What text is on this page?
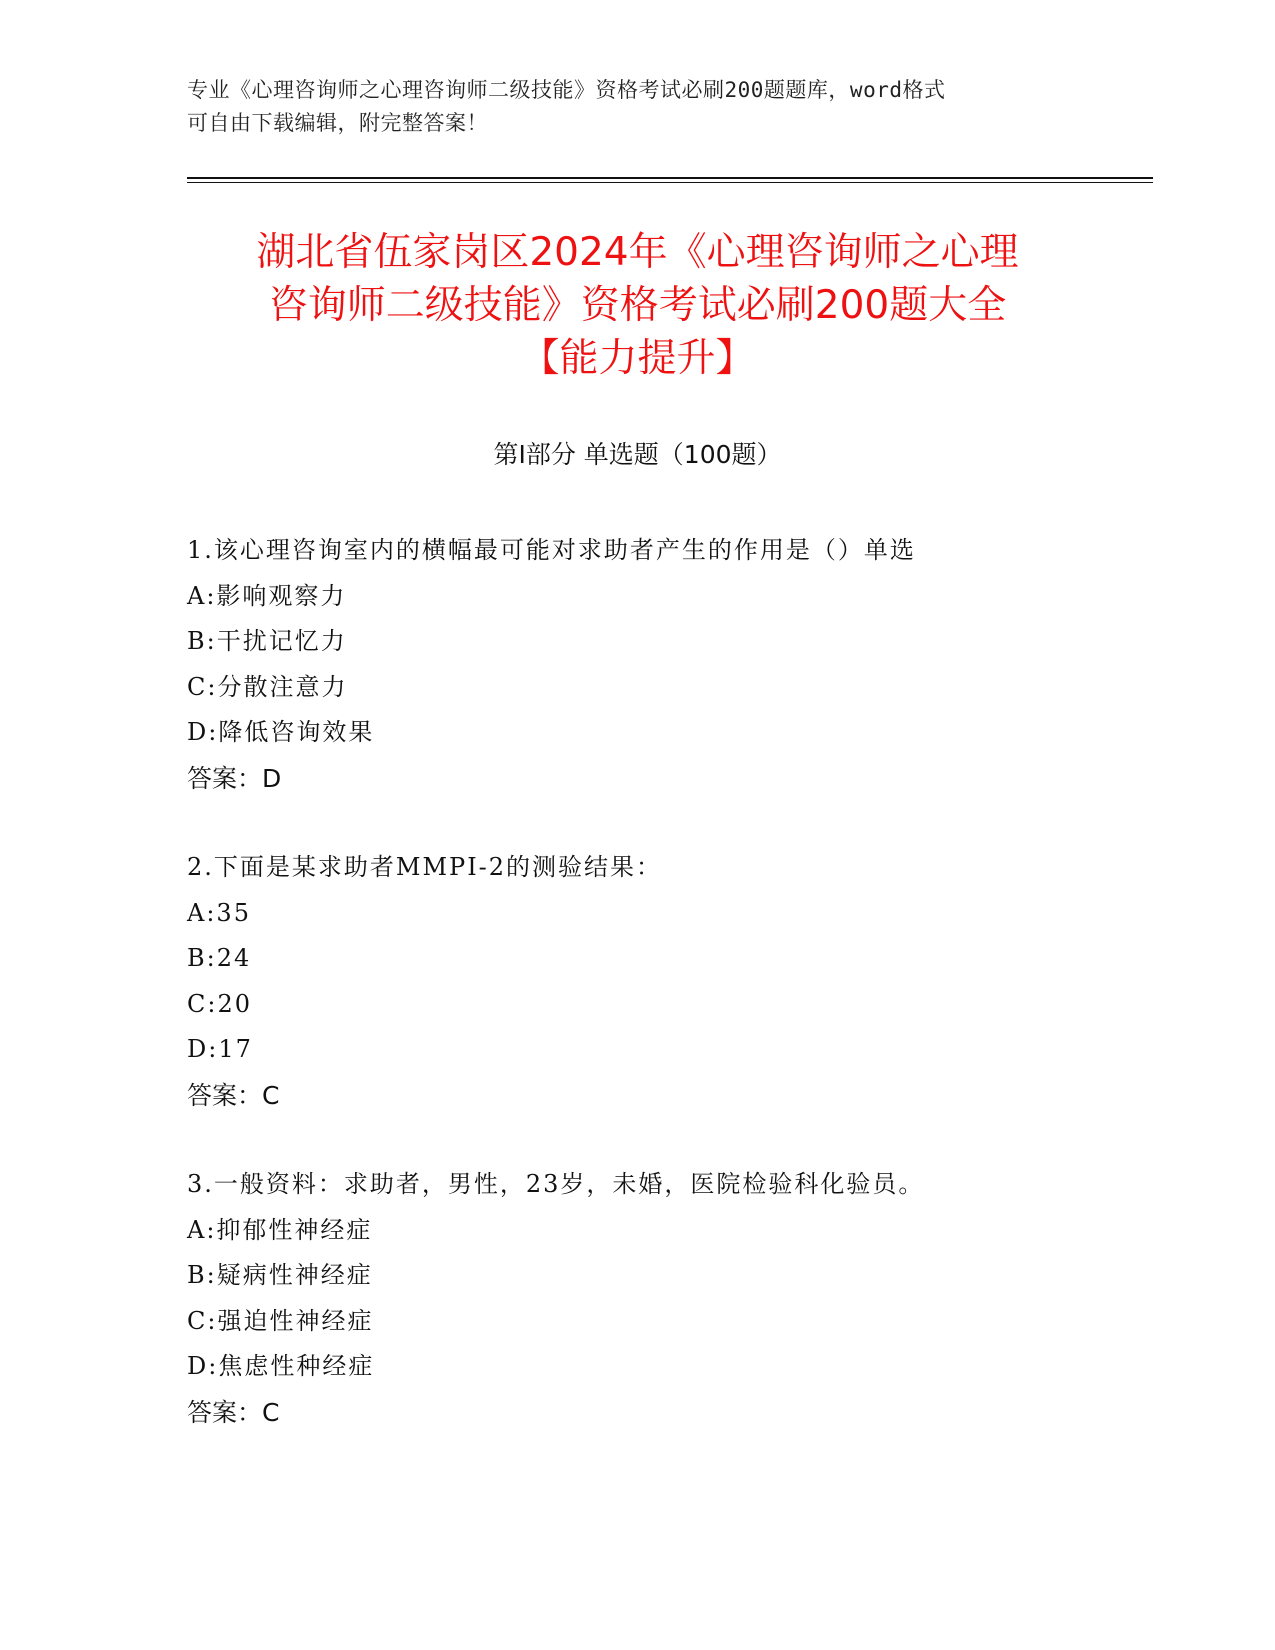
专业《心理咨询师之心理咨询师二级技能》资格考试必刷200题题库，word格式
可自由下载编辑，附完整答案！
湖北省伍家岗区2024年《心理咨询师之心理
咨询师二级技能》资格考试必刷200题大全
【能力提升】
第Ⅰ部分 单选题（100题）
1.该心理咨询室内的横幅最可能对求助者产生的作用是（）单选
A:影响观察力
B:干扰记忆力
C:分散注意力
D:降低咨询效果
答案：D
2.下面是某求助者MMPI-2的测验结果：
A:35
B:24
C:20
D:17
答案：C
3.一般资料：求助者，男性，23岁，未婚，医院检验科化验员。
A:抑郁性神经症
B:疑病性神经症
C:强迫性神经症
D:焦虑性种经症
答案：C
